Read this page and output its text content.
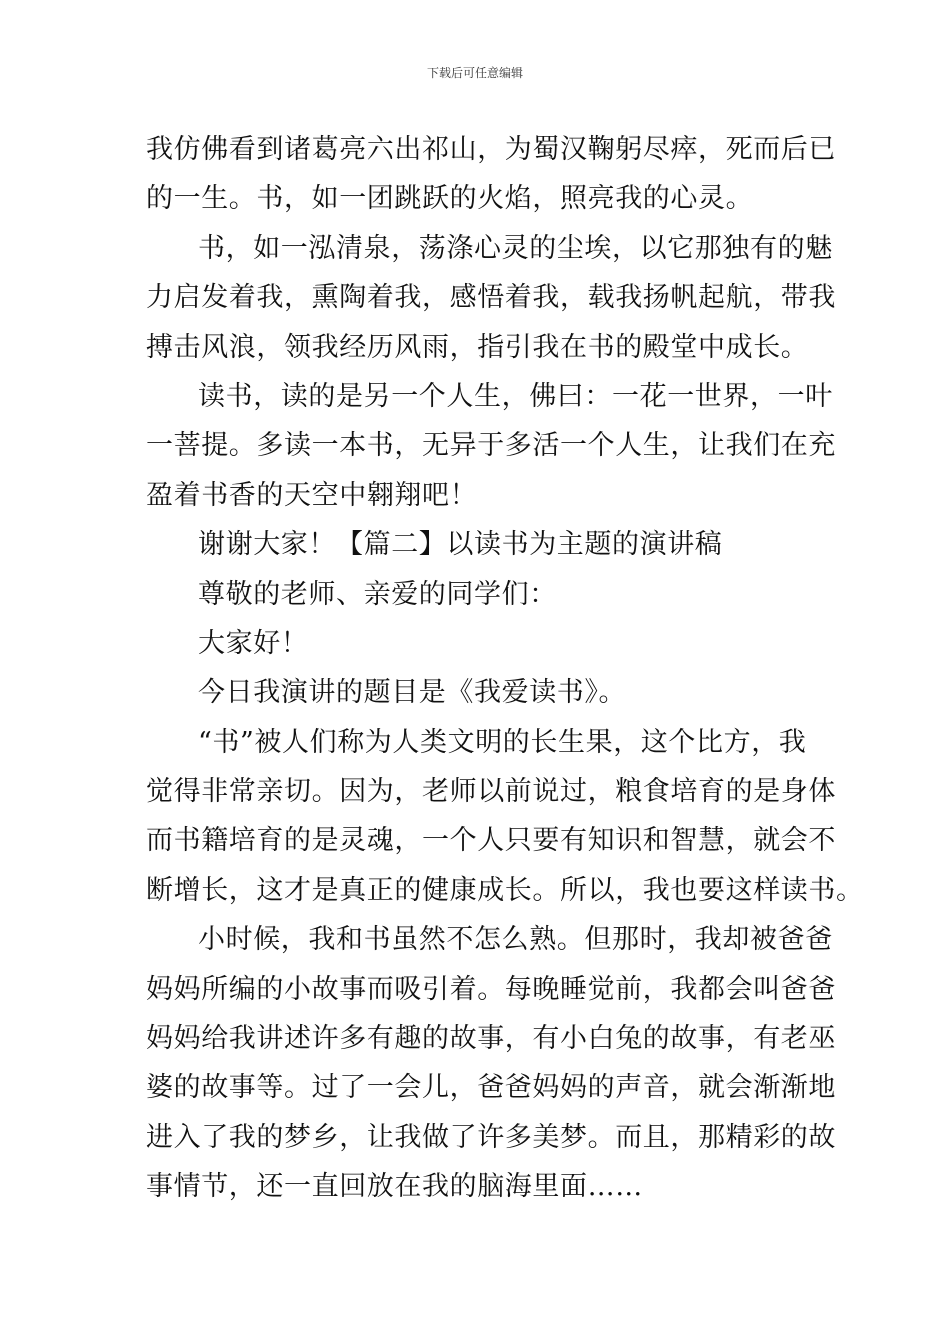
下载后可任意编辑
我仿佛看到诸葛亮六出祁山，为蜀汉鞠躬尽瘁，死而后已
的一生。书，如一团跳跃的火焰，照亮我的心灵。
书，如一泓清泉，荡涤心灵的尘埃，以它那独有的魅
力启发着我，熏陶着我，感悟着我，载我扬帆起航，带我
搏击风浪，领我经历风雨，指引我在书的殿堂中成长。
读书，读的是另一个人生，佛曰：一花一世界，一叶
一菩提。多读一本书，无异于多活一个人生，让我们在充
盈着书香的天空中翱翔吧！
谢谢大家！【篇二】以读书为主题的演讲稿
尊敬的老师、亲爱的同学们：
大家好！
今日我演讲的题目是《我爱读书》。
“书”被人们称为人类文明的长生果，这个比方，我
觉得非常亲切。因为，老师以前说过，粮食培育的是身体
而书籍培育的是灵魂，一个人只要有知识和智慧，就会不
断增长，这才是真正的健康成长。所以，我也要这样读书。
小时候，我和书虽然不怎么熟。但那时，我却被爸爸
妈妈所编的小故事而吸引着。每晚睡觉前，我都会叫爸爸
妈妈给我讲述许多有趣的故事，有小白兔的故事，有老巫
婆的故事等。过了一会儿，爸爸妈妈的声音，就会渐渐地
进入了我的梦乡，让我做了许多美梦。而且，那精彩的故
事情节，还一直回放在我的脑海里面……
